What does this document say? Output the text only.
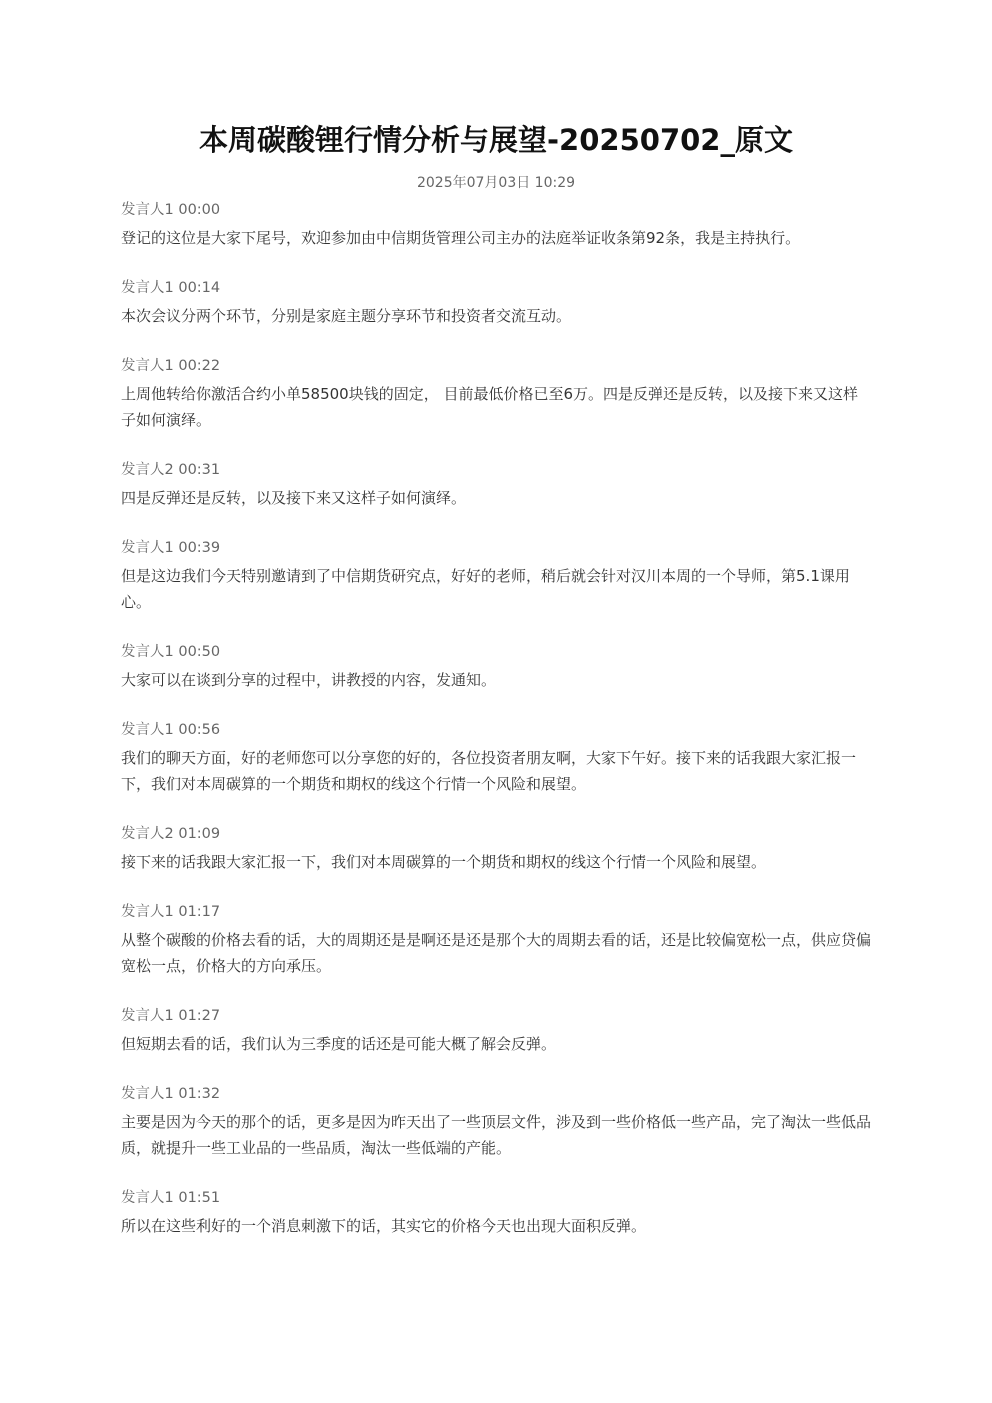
本周碳酸锂行情分析与展望-20250702_原文
2025年07月03日 10:29
发言人1 00:00

登记的这位是大家下尾号，欢迎参加由中信期货管理公司主办的法庭举证收条第92条，我是主持执行。

发言人1 00:14

本次会议分两个环节，分别是家庭主题分享环节和投资者交流互动。

发言人1 00:22

上周他转给你激活合约小单58500块钱的固定， 目前最低价格已至6万。四是反弹还是反转，以及接下来又这样子如何演绎。

发言人2 00:31

四是反弹还是反转，以及接下来又这样子如何演绎。

发言人1 00:39

但是这边我们今天特别邀请到了中信期货研究点，好好的老师，稍后就会针对汉川本周的一个导师，第5.1课用心。

发言人1 00:50

大家可以在谈到分享的过程中，讲教授的内容，发通知。

发言人1 00:56

我们的聊天方面，好的老师您可以分享您的好的，各位投资者朋友啊，大家下午好。接下来的话我跟大家汇报一下，我们对本周碳算的一个期货和期权的线这个行情一个风险和展望。

发言人2 01:09

接下来的话我跟大家汇报一下，我们对本周碳算的一个期货和期权的线这个行情一个风险和展望。

发言人1 01:17

从整个碳酸的价格去看的话，大的周期还是是啊还是还是那个大的周期去看的话，还是比较偏宽松一点，供应贷偏宽松一点，价格大的方向承压。

发言人1 01:27

但短期去看的话，我们认为三季度的话还是可能大概了解会反弹。

发言人1 01:32

主要是因为今天的那个的话，更多是因为昨天出了一些顶层文件，涉及到一些价格低一些产品，完了淘汰一些低品质，就提升一些工业品的一些品质，淘汰一些低端的产能。

发言人1 01:51

所以在这些利好的一个消息刺激下的话，其实它的价格今天也出现大面积反弹。
